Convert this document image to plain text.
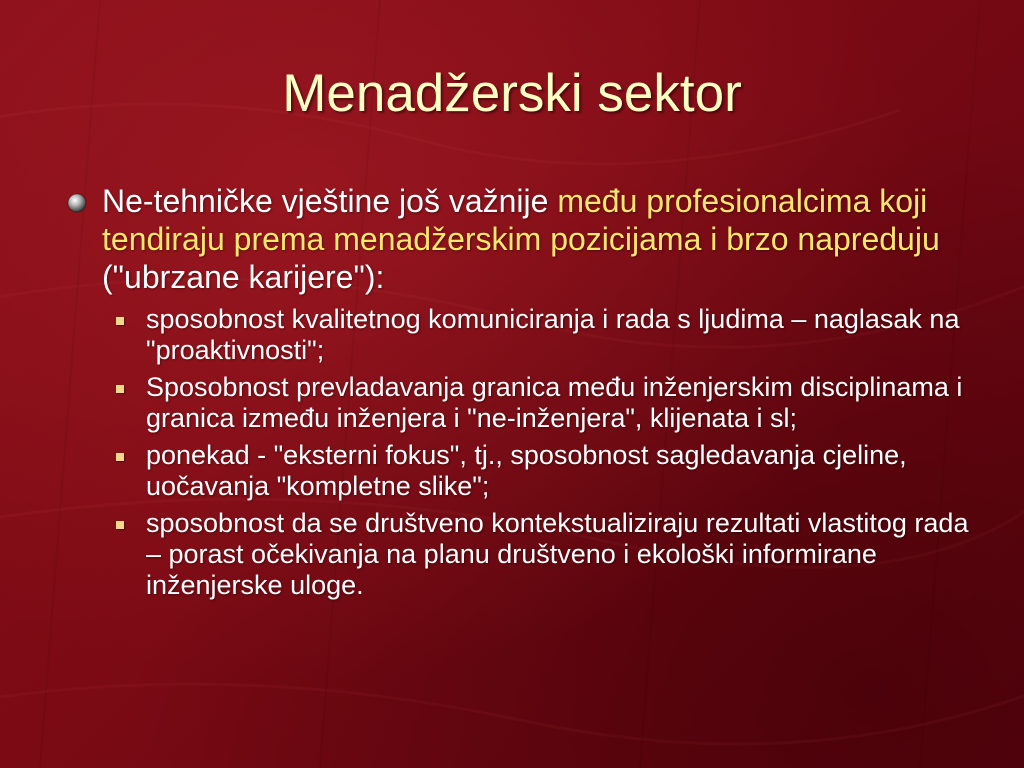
Menadžerski sektor
Ne-tehničke vještine još važnije među profesionalcima koji tendiraju prema menadžerskim pozicijama i brzo napreduju ("ubrzane karijere"):
sposobnost kvalitetnog komuniciranja i rada s ljudima – naglasak na "proaktivnosti";
Sposobnost prevladavanja granica među inženjerskim disciplinama i granica između inženjera i "ne-inženjera", klijenata i sl;
ponekad - "eksterni fokus", tj., sposobnost sagledavanja cjeline, uočavanja "kompletne slike";
sposobnost da se društveno kontekstualiziraju rezultati vlastitog rada – porast očekivanja na planu društveno i ekološki informirane inženjerske uloge.
